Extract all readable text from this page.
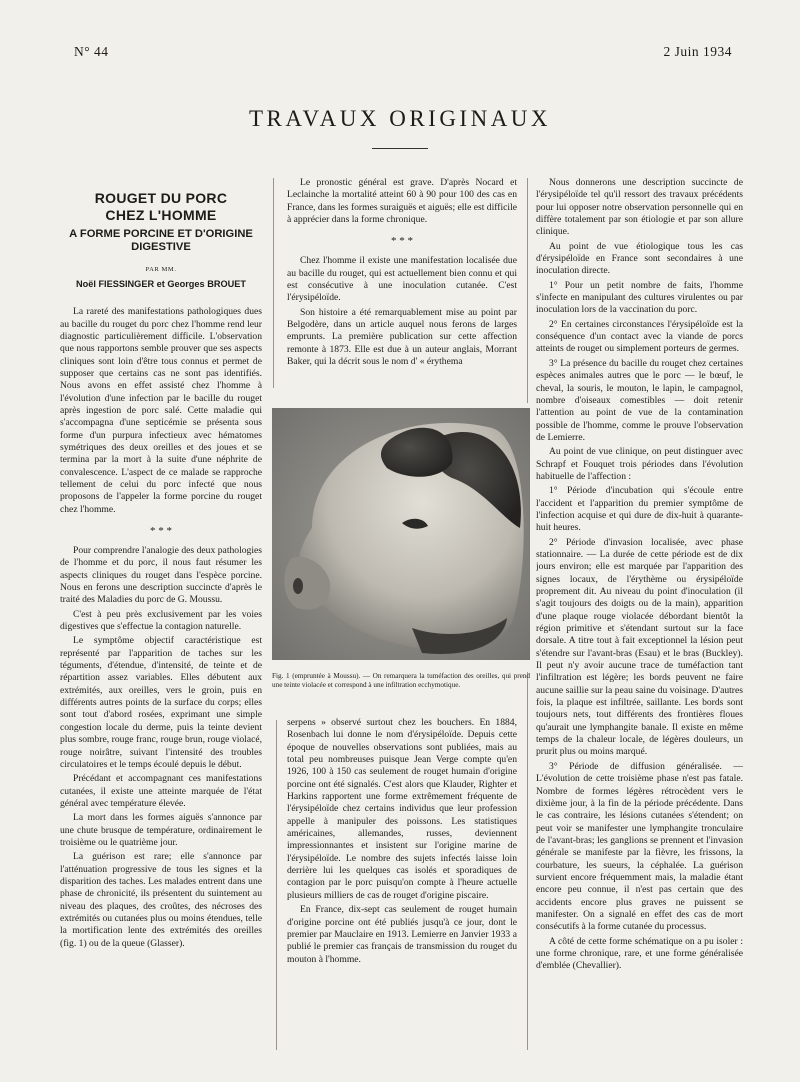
N° 44	2 Juin 1934
TRAVAUX ORIGINAUX
ROUGET DU PORC
CHEZ L'HOMME
A FORME PORCINE ET D'ORIGINE
DIGESTIVE
PAR MM.
Noël FIESSINGER et Georges BROUET

La rareté des manifestations pathologiques dues au bacille du rouget du porc chez l'homme rend leur diagnostic particulièrement difficile. L'observation que nous rapportons semble prouver que ses aspects cliniques sont loin d'être tous connus et permet de supposer que certains cas ne sont pas identifiés. Nous avons en effet assisté chez l'homme à l'évolution d'une infection par le bacille du rouget après ingestion de porc salé. Cette maladie qui s'accompagna d'une septicémie se présenta sous forme d'un purpura infectieux avec hématomes symétriques des deux oreilles et des joues et se termina par la mort à la suite d'une néphrite de convalescence. L'aspect de ce malade se rapproche tellement de celui du porc infecté que nous proposons de l'appeler la forme porcine du rouget chez l'homme.

* * *

Pour comprendre l'analogie des deux pathologies de l'homme et du porc, il nous faut résumer les aspects cliniques du rouget dans l'espèce porcine. Nous en ferons une description succincte d'après le traité des Maladies du porc de G. Moussu.

C'est à peu près exclusivement par les voies digestives que s'effectue la contagion naturelle.

Le symptôme objectif caractéristique est représenté par l'apparition de taches sur les téguments, d'étendue, d'intensité, de teinte et de répartition assez variables. Elles débutent aux extrémités, aux oreilles, vers le groin, puis en différents autres points de la surface du corps; elles sont tout d'abord rosées, exprimant une simple congestion locale du derme, puis la teinte devient plus sombre, rouge franc, rouge brun, rouge violacé, rouge noirâtre, suivant l'intensité des troubles circulatoires et le temps écoulé depuis le début.

Précédant et accompagnant ces manifestations cutanées, il existe une atteinte marquée de l'état général avec température élevée.

La mort dans les formes aiguës s'annonce par une chute brusque de température, ordinairement le troisième ou le quatrième jour.

La guérison est rare; elle s'annonce par l'atténuation progressive de tous les signes et la disparition des taches. Les malades entrent dans une phase de chronicité, ils présentent du suintement au niveau des plaques, des croûtes, des nécroses des extrémités ou cutanées plus ou moins étendues, telle la mortification lente des extrémités des oreilles (fig. 1) ou de la queue (Glasser).

Le pronostic général est grave. D'après Nocard et Leclainche la mortalité atteint 60 à 90 pour 100 des cas en France, dans les formes suraiguës et aiguës; elle est difficile à apprécier dans la forme chronique.

* * *

Chez l'homme il existe une manifestation localisée due au bacille du rouget, qui est actuellement bien connu et qui est consécutive à une inoculation cutanée. C'est l'érysipéloïde.

Son histoire a été remarquablement mise au point par Belgodère, dans un article auquel nous ferons de larges emprunts. La première publication sur cette affection remonte à 1873. Elle est due à un auteur anglais, Morrant Baker, qui la décrit sous le nom d' « érythema

Fig. 1 (empruntée à Moussu). — On remarquera la tuméfaction des oreilles, qui prend une teinte violacée et correspond à une infiltration ecchymotique.

serpens » observé surtout chez les bouchers. En 1884, Rosenbach lui donne le nom d'érysipéloïde. Depuis cette époque de nouvelles observations sont publiées, mais au total peu nombreuses puisque Jean Verge compte qu'en 1926, 100 à 150 cas seulement de rouget humain d'origine porcine ont été signalés. C'est alors que Klauder, Righter et Harkins rapportent une forme extrêmement fréquente de l'érysipéloïde chez certains individus que leur profession appelle à manipuler des poissons. Les statistiques américaines, allemandes, russes, deviennent impressionnantes et insistent sur l'origine marine de l'érysipéloïde. Le nombre des sujets infectés laisse loin derrière lui les quelques cas isolés et sporadiques de contagion par le porc puisqu'on compte à l'heure actuelle plusieurs milliers de cas de rouget d'origine piscaire.

En France, dix-sept cas seulement de rouget humain d'origine porcine ont été publiés jusqu'à ce jour, dont le premier par Mauclaire en 1913. Lemierre en Janvier 1933 a publié le premier cas français de transmission du rouget du mouton à l'homme.

Nous donnerons une description succincte de l'érysipéloïde tel qu'il ressort des travaux précédents pour lui opposer notre observation personnelle qui en diffère totalement par son étiologie et par son allure clinique.

Au point de vue étiologique tous les cas d'érysipéloïde en France sont secondaires à une inoculation directe.

1° Pour un petit nombre de faits, l'homme s'infecte en manipulant des cultures virulentes ou par inoculation lors de la vaccination du porc.

2° En certaines circonstances l'érysipéloïde est la conséquence d'un contact avec la viande de porcs atteints de rouget ou simplement porteurs de germes.

3° La présence du bacille du rouget chez certaines espèces animales autres que le porc — le bœuf, le cheval, la souris, le mouton, le lapin, le campagnol, nombre d'oiseaux comestibles — doit retenir l'attention au point de vue de la contamination possible de l'homme, comme le prouve l'observation de Lemierre.

Au point de vue clinique, on peut distinguer avec Schrapf et Fouquet trois périodes dans l'évolution habituelle de l'affection :

1° Période d'incubation qui s'écoule entre l'accident et l'apparition du premier symptôme de l'infection acquise et qui dure de dix-huit à quarante-huit heures.

2° Période d'invasion localisée, avec phase stationnaire. — La durée de cette période est de dix jours environ; elle est marquée par l'apparition des signes locaux, de l'érythème ou érysipéloïde proprement dit. Au niveau du point d'inoculation (il s'agit toujours des doigts ou de la main), apparition d'une plaque rouge violacée débordant bientôt la région primitive et s'étendant surtout sur la face dorsale. A titre tout à fait exceptionnel la lésion peut s'étendre sur l'avant-bras (Esau) et le bras (Buckley). Il peut n'y avoir aucune trace de tuméfaction tant l'infiltration est légère; les bords peuvent ne faire aucune saillie sur la peau saine du voisinage. D'autres fois, la plaque est infiltrée, saillante. Les bords sont toujours nets, tout différents des frontières floues qu'aurait une lymphangite banale. Il existe en même temps de la chaleur locale, de légères douleurs, un prurit plus ou moins marqué.

3° Période de diffusion généralisée. — L'évolution de cette troisième phase n'est pas fatale. Nombre de formes légères rétrocèdent vers le dixième jour, à la fin de la période précédente. Dans le cas contraire, les lésions cutanées s'étendent; on peut voir se manifester une lymphangite tronculaire de l'avant-bras; les ganglions se prennent et l'invasion générale se manifeste par la fièvre, les frissons, la courbature, les sueurs, la céphalée. La guérison survient encore fréquemment mais, la maladie étant encore peu connue, il n'est pas certain que des accidents encore plus graves ne puissent se manifester. On a signalé en effet des cas de mort consécutifs à la forme cutanée du processus.

A côté de cette forme schématique on a pu isoler : une forme chronique, rare, et une forme généralisée d'emblée (Chevallier).
